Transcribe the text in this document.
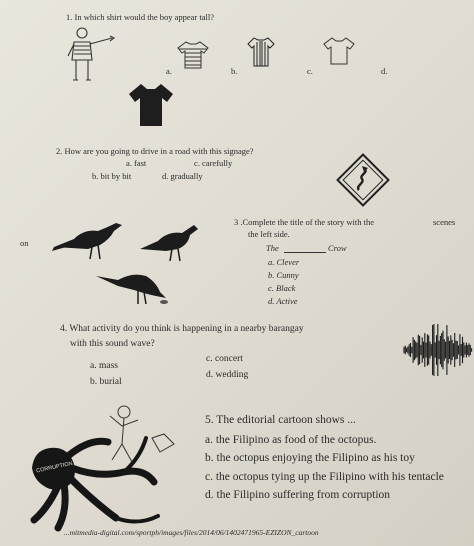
1. In which shirt would the boy appear tall?
a.	b.	c.	d.
2. How are you going to drive in a road with this signage?
a. fast	c. carefully
b. bit by bit	d. gradually
on
3 .Complete the title of the story with the	scenes
the left side.
The	Crow
a. Clever
b. Cunny
c. Black
d. Active
4. What activity do you think is happening in a nearby barangay
with this sound wave?
a. mass
c. concert
b. burial
d. wedding
5. The editorial cartoon shows ...
a. the Filipino as food of the octopus.
b. the octopus enjoying the Filipino as his toy
c. the octopus tying up the Filipino with his tentacle
d. the Filipino suffering from corruption
CORRUPTION
...mitmedia-digital.com/sportph/images/files/2014/06/1402471965-EZIZON_cartoon
